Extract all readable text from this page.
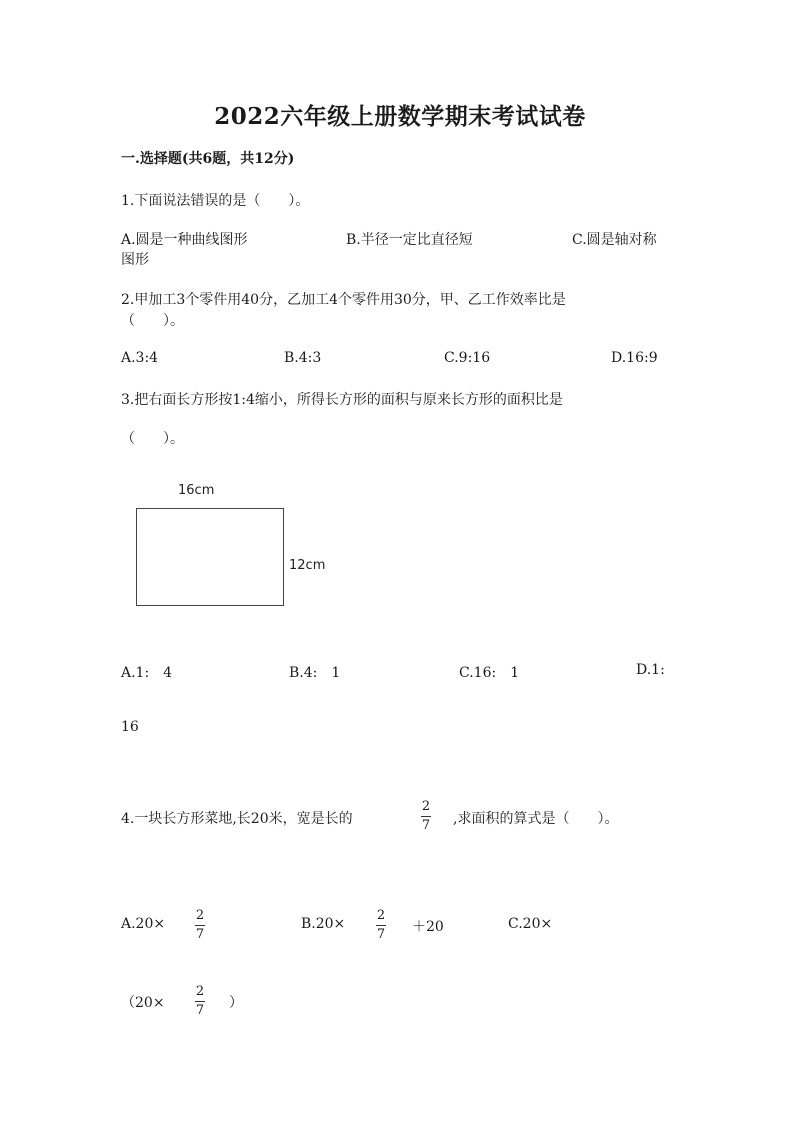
2022六年级上册数学期末考试试卷
一.选择题(共6题，共12分)
1.下面说法错误的是（　　）。
A.圆是一种曲线图形	B.半径一定比直径短	C.圆是轴对称
图形
2.甲加工3个零件用40分，乙加工4个零件用30分，甲、乙工作效率比是
（　　）。
A.3:4	B.4:3	C.9:16	D.16:9
3.把右面长方形按1:4缩小，所得长方形的面积与原来长方形的面积比是
（　　）。
16cm
12cm
A.1:　4	B.4:　1	C.16:　1	D.1:
16
4.一块长方形菜地,长20米，宽是长的
2
7 ,求面积的算式是（　　）。
A.20×
2
7
B.20×
2
7 ＋20	C.20×
（20×
2
7 ）
